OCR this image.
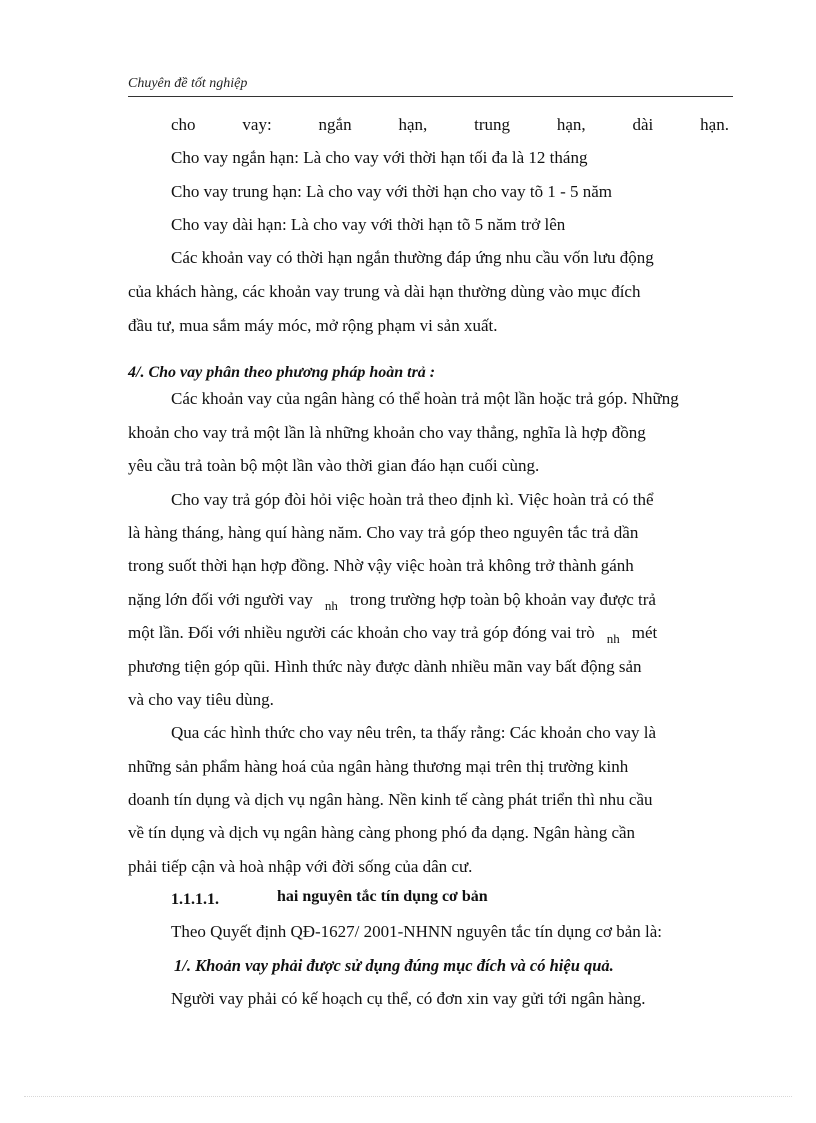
Chuyên đề tốt nghiệp
cho	vay:	ngắn	hạn,	trung	hạn,	dài	hạn.
Cho vay ngắn hạn: Là cho vay với thời hạn tối đa là 12 tháng
Cho vay trung hạn: Là cho vay với thời hạn cho vay tõ 1 - 5 năm
Cho vay dài hạn: Là cho vay với thời hạn tõ 5 năm trở lên
Các khoản vay có thời hạn ngắn thường đáp ứng nhu cầu vốn lưu động
của khách hàng, các khoản vay trung và dài hạn thường dùng vào mục đích
đầu tư, mua sắm máy móc, mở rộng phạm vi sản xuất.
4/. Cho vay phân theo phương pháp hoàn trả :
Các khoản vay của ngân hàng có thể hoàn trả một lần hoặc trả góp. Những
khoản cho vay trả một lần là những khoản cho vay thẳng, nghĩa là hợp đồng
yêu cầu trả toàn bộ một lần vào thời gian đáo hạn cuối cùng.
Cho vay trả góp đòi hỏi việc hoàn trả theo định kì. Việc hoàn trả có thể
là hàng tháng, hàng quí hàng năm. Cho vay trả góp theo nguyên tắc trả dần
trong suốt thời hạn hợp đồng. Nhờ vậy việc hoàn trả không trở thành gánh
nặng lớn đối với người vay $_{nh}$ trong trường hợp toàn bộ khoản vay được trả
một lần. Đối với nhiều người các khoản cho vay trả góp đóng vai trò $_{nh}$ mét
phương tiện góp qũi. Hình thức này được dành nhiều mãn vay bất động sản
và cho vay tiêu dùng.
Qua các hình thức cho vay nêu trên, ta thấy rằng: Các khoản cho vay là
những sản phẩm hàng hoá của ngân hàng thương mại trên thị trường kinh
doanh tín dụng và dịch vụ ngân hàng. Nền kinh tế càng phát triển thì nhu cầu
về tín dụng và dịch vụ ngân hàng càng phong phó đa dạng. Ngân hàng cần
phải tiếp cận và hoà nhập với đời sống của dân cư.
1.1.1.1.	hai nguyên tắc tín dụng cơ bản
Theo Quyết định QĐ-1627/ 2001-NHNN nguyên tắc tín dụng cơ bản là:
1/. Khoản vay phải được sử dụng đúng mục đích và có hiệu quả.
Người vay phải có kế hoạch cụ thể, có đơn xin vay gửi tới ngân hàng.
